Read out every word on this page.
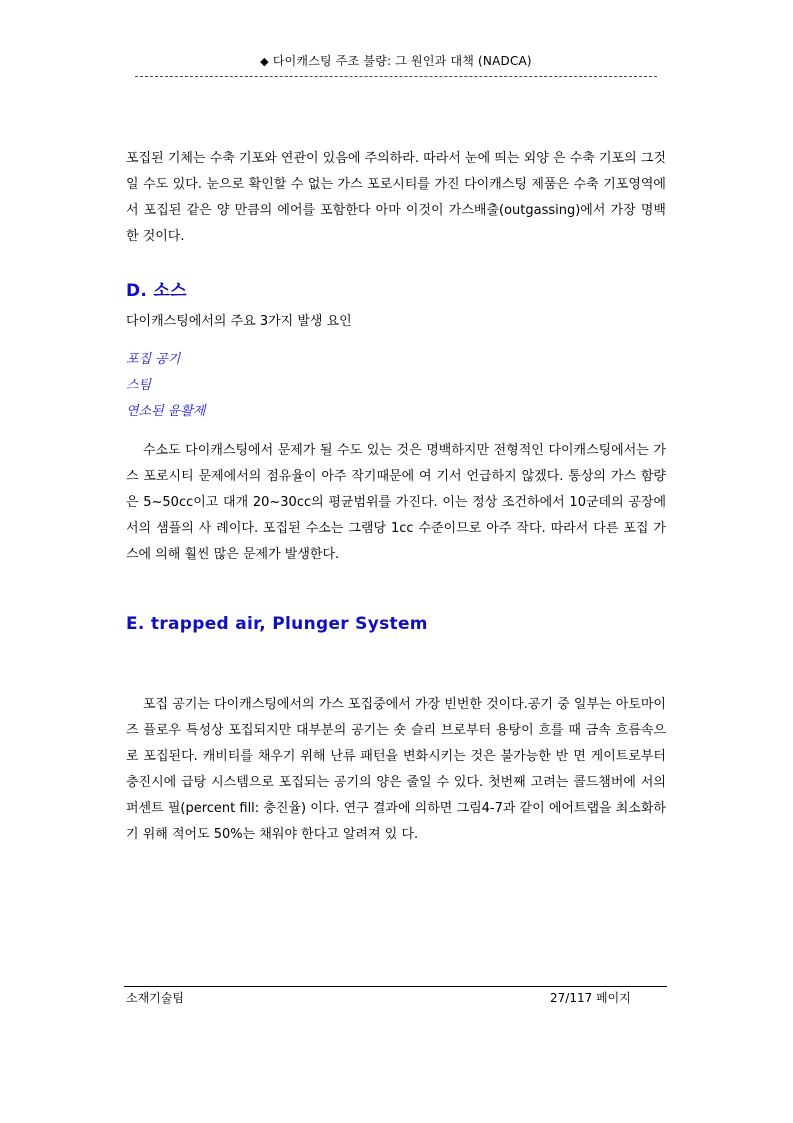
◆ 다이캐스팅 주조 불량: 그 원인과 대책 (NADCA)
포집된 기체는 수축 기포와 연관이 있음에 주의하라. 따라서 눈에 띄는 외양 은 수축 기포의 그것일 수도 있다. 눈으로 확인할 수 없는 가스 포로시티를 가진 다이캐스팅 제품은 수축 기포영역에서 포집된 같은 양 만큼의 에어를 포함한다 아마 이것이 가스배출(outgassing)에서 가장 명백한 것이다.
D. 소스
다이캐스팅에서의 주요 3가지 발생 요인
포집 공기
스팀
연소된 윤활제
수소도 다이캐스팅에서 문제가 될 수도 있는 것은 명백하지만 전형적인 다이캐스팅에서는 가스 포로시티 문제에서의 점유율이 아주 작기때문에 여 기서 언급하지 않겠다. 통상의 가스 함량은 5~50cc이고 대개 20~30cc의 평균범위를 가진다. 이는 정상 조건하에서 10군데의 공장에서의 샘플의 사 례이다. 포집된 수소는 그램당 1cc 수준이므로 아주 작다. 따라서 다른 포집 가스에 의해 훨씬 많은 문제가 발생한다.
E. trapped air, Plunger System
포집 공기는 다이캐스팅에서의 가스 포집중에서 가장 빈번한 것이다.공기 중 일부는 아토마이즈 플로우 특성상 포집되지만 대부분의 공기는 숏 슬리 브로부터 용탕이 흐를 때 금속 흐름속으로 포집된다. 캐비티를 채우기 위해 난류 패턴을 변화시키는 것은 불가능한 반 면 게이트로부터 충진시에 급탕 시스템으로 포집되는 공기의 양은 줄일 수 있다. 첫번째 고려는 콜드챔버에 서의 퍼센트 필(percent fill: 충진율) 이다. 연구 결과에 의하면 그림4-7과 같이 에어트랩을 최소화하기 위해 적어도 50%는 채워야 한다고 알려져 있 다.
소재기술팀	27/117 페이지
